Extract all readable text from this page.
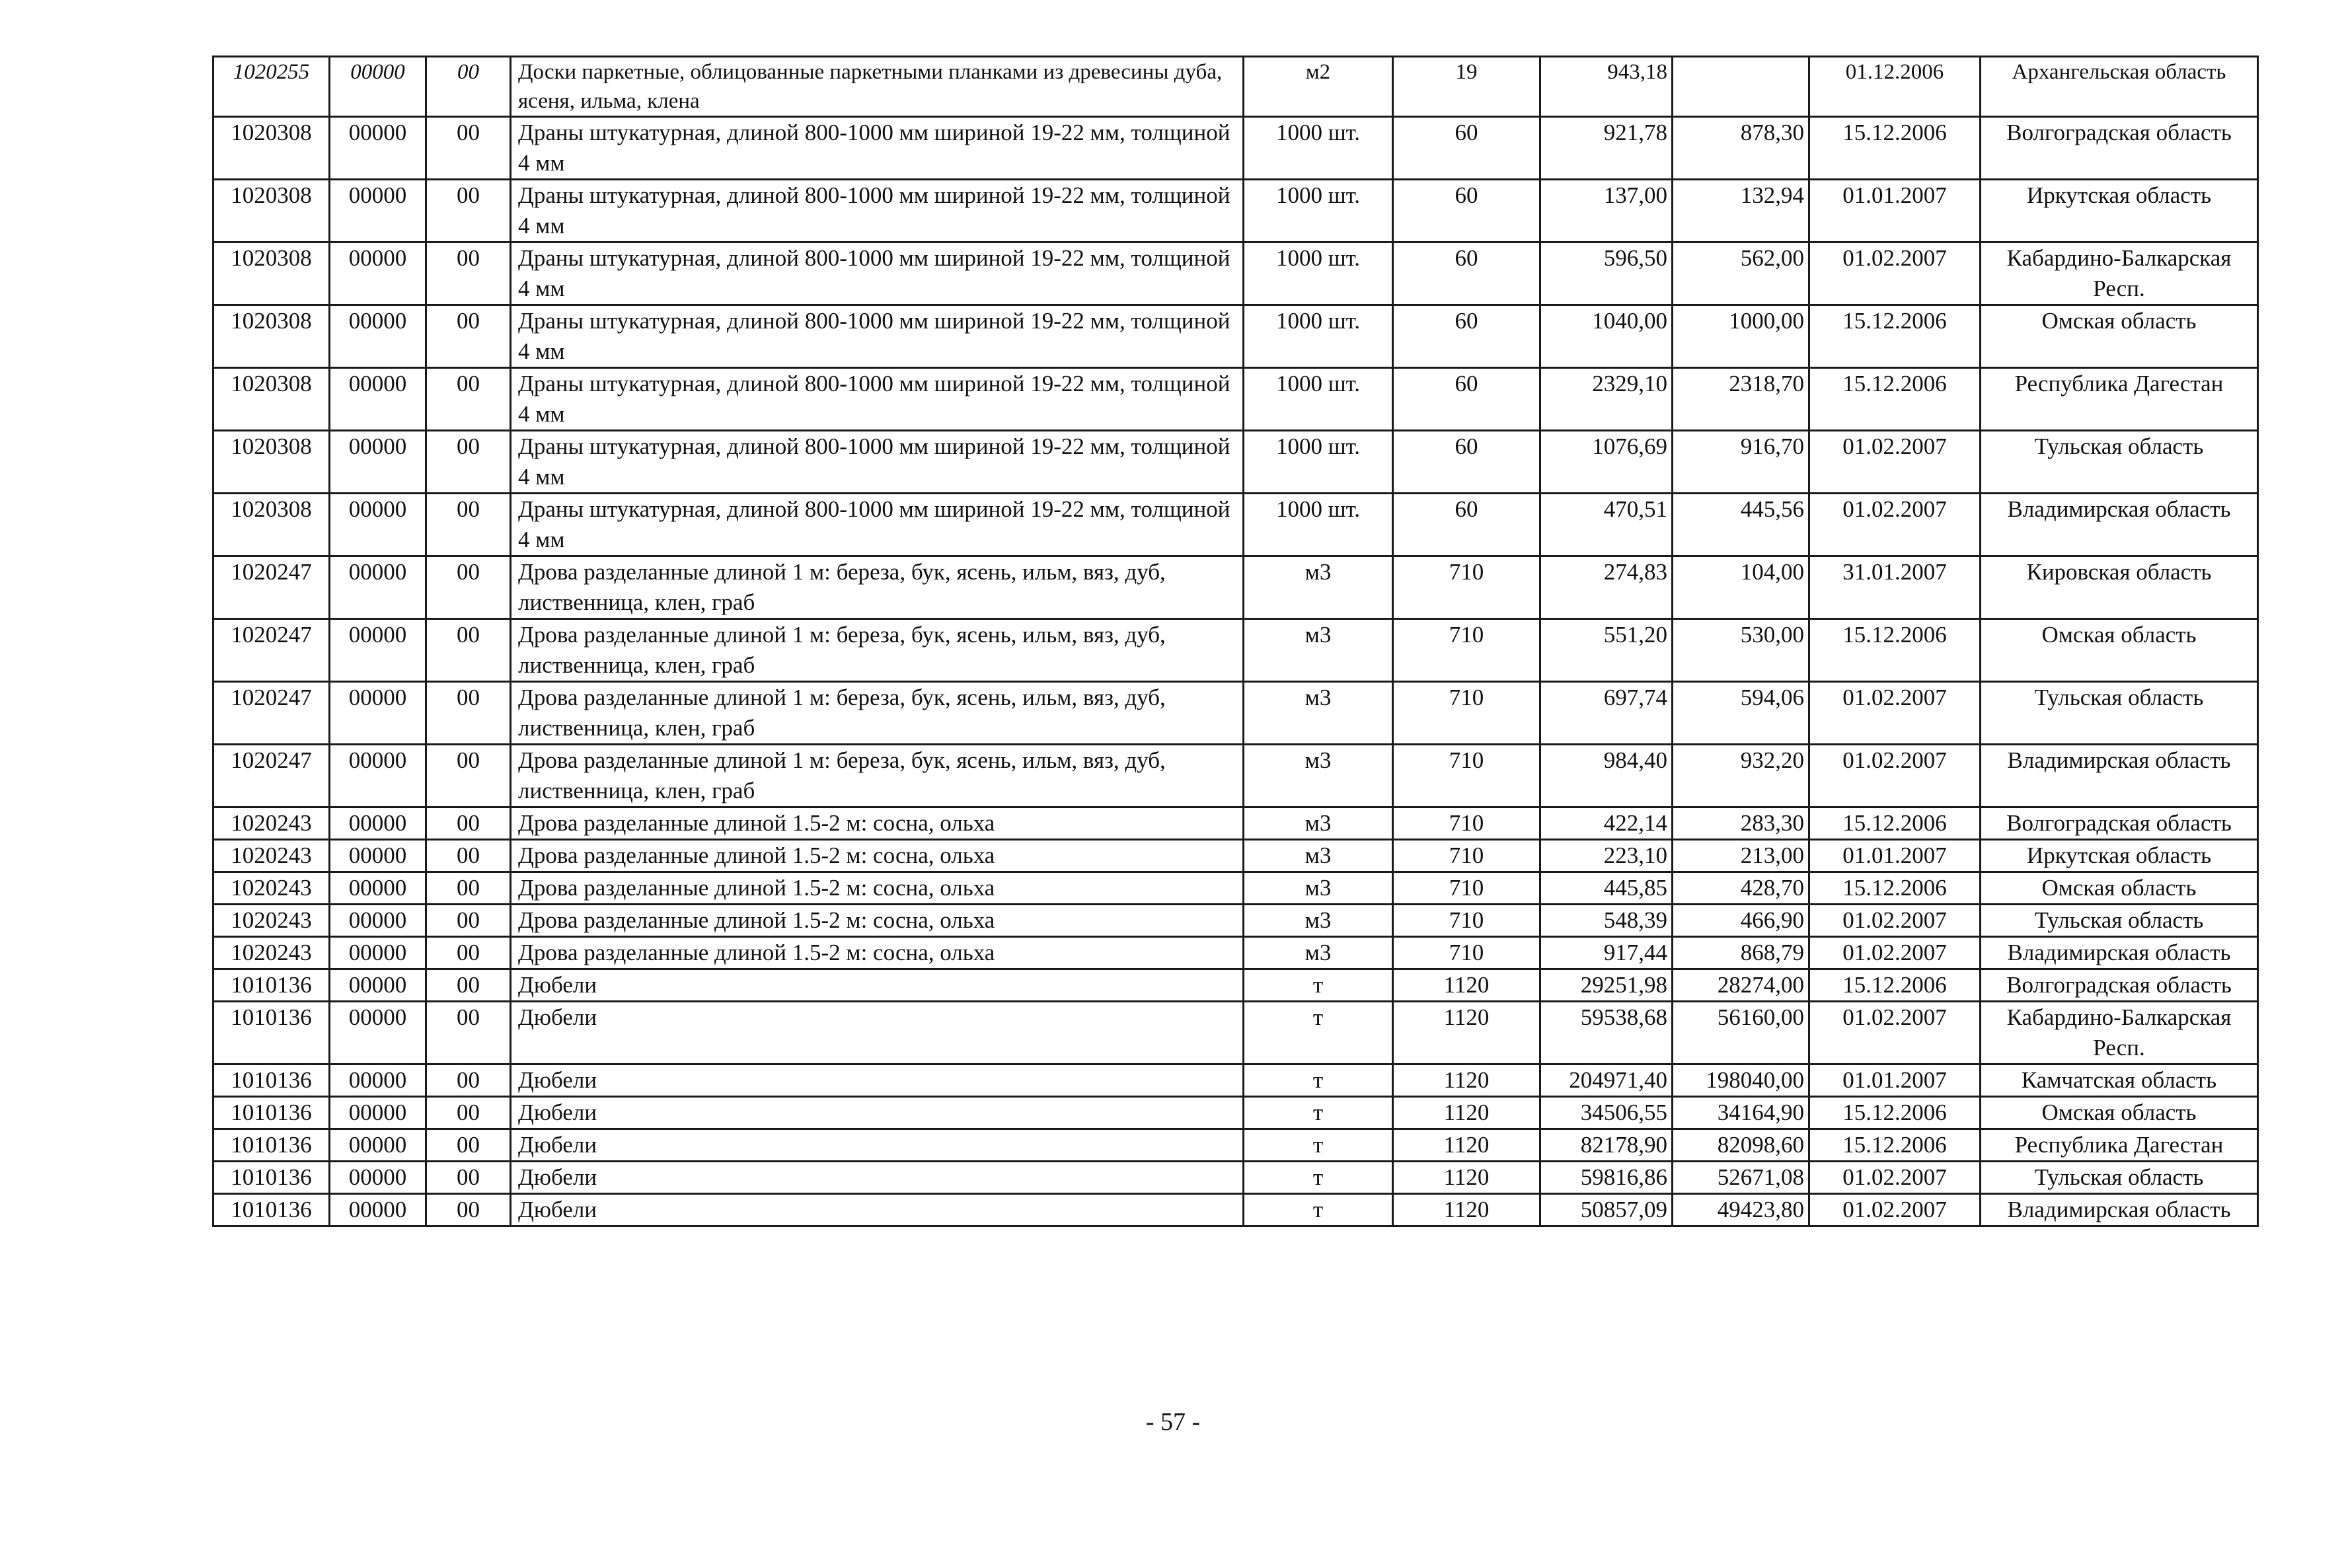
1020255	00000	00	Доски паркетные, облицованные паркетными планками из древесины дуба, ясеня, ильма, клена	м2	19	943,18		01.12.2006	Архангельская область
1020308	00000	00	Драны штукатурная, длиной 800-1000 мм шириной 19-22 мм, толщиной 4 мм	1000 шт.	60	921,78	878,30	15.12.2006	Волгоградская область
1020308	00000	00	Драны штукатурная, длиной 800-1000 мм шириной 19-22 мм, толщиной 4 мм	1000 шт.	60	137,00	132,94	01.01.2007	Иркутская область
1020308	00000	00	Драны штукатурная, длиной 800-1000 мм шириной 19-22 мм, толщиной 4 мм	1000 шт.	60	596,50	562,00	01.02.2007	Кабардино-Балкарская Респ.
1020308	00000	00	Драны штукатурная, длиной 800-1000 мм шириной 19-22 мм, толщиной 4 мм	1000 шт.	60	1040,00	1000,00	15.12.2006	Омская область
1020308	00000	00	Драны штукатурная, длиной 800-1000 мм шириной 19-22 мм, толщиной 4 мм	1000 шт.	60	2329,10	2318,70	15.12.2006	Республика Дагестан
1020308	00000	00	Драны штукатурная, длиной 800-1000 мм шириной 19-22 мм, толщиной 4 мм	1000 шт.	60	1076,69	916,70	01.02.2007	Тульская область
1020308	00000	00	Драны штукатурная, длиной 800-1000 мм шириной 19-22 мм, толщиной 4 мм	1000 шт.	60	470,51	445,56	01.02.2007	Владимирская область
1020247	00000	00	Дрова разделанные длиной 1 м: береза, бук, ясень, ильм, вяз, дуб, лиственница, клен, граб	м3	710	274,83	104,00	31.01.2007	Кировская область
1020247	00000	00	Дрова разделанные длиной 1 м: береза, бук, ясень, ильм, вяз, дуб, лиственница, клен, граб	м3	710	551,20	530,00	15.12.2006	Омская область
1020247	00000	00	Дрова разделанные длиной 1 м: береза, бук, ясень, ильм, вяз, дуб, лиственница, клен, граб	м3	710	697,74	594,06	01.02.2007	Тульская область
1020247	00000	00	Дрова разделанные длиной 1 м: береза, бук, ясень, ильм, вяз, дуб, лиственница, клен, граб	м3	710	984,40	932,20	01.02.2007	Владимирская область
1020243	00000	00	Дрова разделанные длиной 1.5-2 м: сосна, ольха	м3	710	422,14	283,30	15.12.2006	Волгоградская область
1020243	00000	00	Дрова разделанные длиной 1.5-2 м: сосна, ольха	м3	710	223,10	213,00	01.01.2007	Иркутская область
1020243	00000	00	Дрова разделанные длиной 1.5-2 м: сосна, ольха	м3	710	445,85	428,70	15.12.2006	Омская область
1020243	00000	00	Дрова разделанные длиной 1.5-2 м: сосна, ольха	м3	710	548,39	466,90	01.02.2007	Тульская область
1020243	00000	00	Дрова разделанные длиной 1.5-2 м: сосна, ольха	м3	710	917,44	868,79	01.02.2007	Владимирская область
1010136	00000	00	Дюбели	т	1120	29251,98	28274,00	15.12.2006	Волгоградская область
1010136	00000	00	Дюбели	т	1120	59538,68	56160,00	01.02.2007	Кабардино-Балкарская Респ.
1010136	00000	00	Дюбели	т	1120	204971,40	198040,00	01.01.2007	Камчатская область
1010136	00000	00	Дюбели	т	1120	34506,55	34164,90	15.12.2006	Омская область
1010136	00000	00	Дюбели	т	1120	82178,90	82098,60	15.12.2006	Республика Дагестан
1010136	00000	00	Дюбели	т	1120	59816,86	52671,08	01.02.2007	Тульская область
1010136	00000	00	Дюбели	т	1120	50857,09	49423,80	01.02.2007	Владимирская область
- 57 -
